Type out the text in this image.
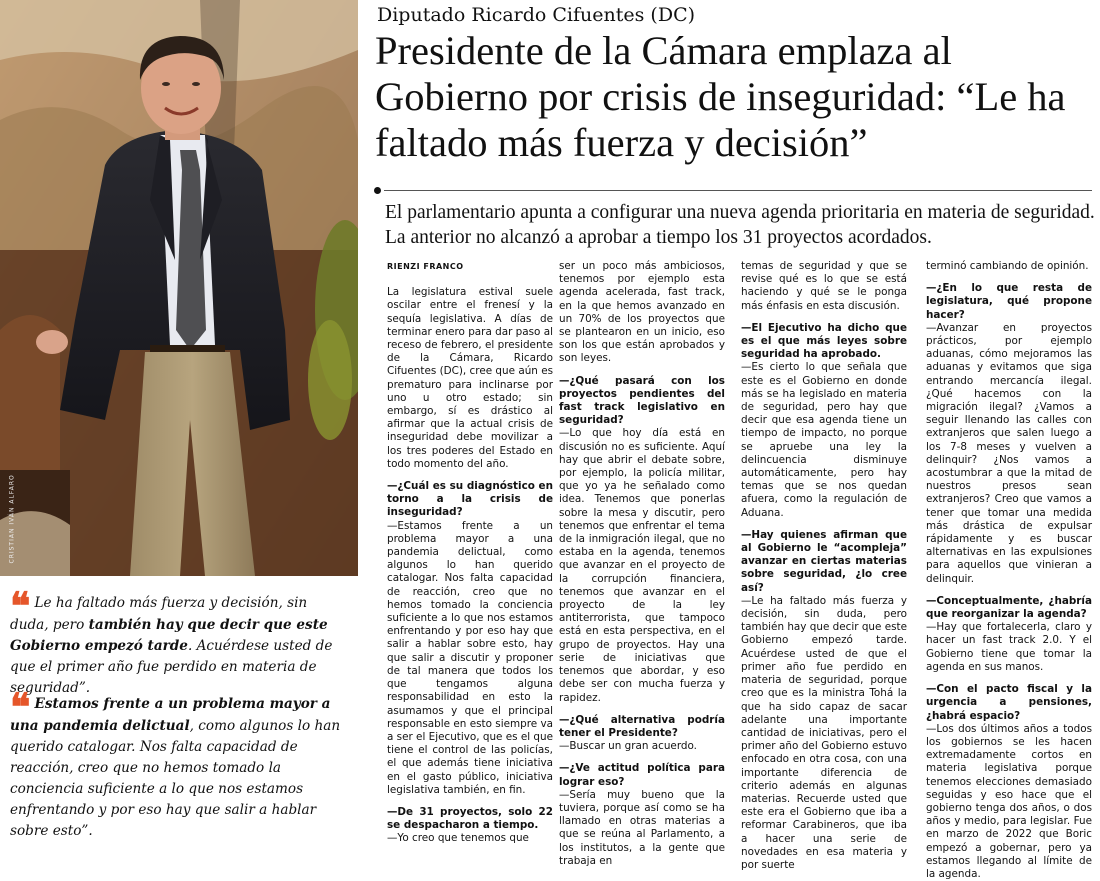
CRISTIAN IVÁN ALFARO
❝ Le ha faltado más fuerza y decisión, sin duda, pero también hay que decir que este Gobierno empezó tarde. Acuérdese usted de que el primer año fue perdido en materia de seguridad”.
❝ Estamos frente a un problema mayor a una pandemia delictual, como algunos lo han querido catalogar. Nos falta capacidad de reacción, creo que no hemos tomado la conciencia suficiente a lo que nos estamos enfrentando y por eso hay que salir a hablar sobre esto”.
Diputado Ricardo Cifuentes (DC)
Presidente de la Cámara emplaza al Gobierno por crisis de inseguridad: “Le ha faltado más fuerza y decisión”
El parlamentario apunta a configurar una nueva agenda prioritaria en materia de seguridad. La anterior no alcanzó a aprobar a tiempo los 31 proyectos acordados.

RIENZI FRANCO

La legislatura estival suele oscilar entre el frenesí y la sequía legislativa. A días de terminar enero para dar paso al receso de febrero, el presidente de la Cámara, Ricardo Cifuentes (DC), cree que aún es prematuro para inclinarse por uno u otro estado; sin embargo, sí es drástico al afirmar que la actual crisis de inseguridad debe movilizar a los tres poderes del Estado en todo momento del año.

—¿Cuál es su diagnóstico en torno a la crisis de inseguridad?

—Estamos frente a un problema mayor a una pandemia delictual, como algunos lo han querido catalogar. Nos falta capacidad de reacción, creo que no hemos tomado la conciencia suficiente a lo que nos estamos enfrentando y por eso hay que salir a hablar sobre esto, hay que salir a discutir y proponer de tal manera que todos los que tengamos alguna responsabilidad en esto la asumamos y que el principal responsable en esto siempre va a ser el Ejecutivo, que es el que tiene el control de las policías, el que además tiene iniciativa en el gasto público, iniciativa legislativa también, en fin.

—De 31 proyectos, solo 22 se despacharon a tiempo.

—Yo creo que tenemos que

ser un poco más ambiciosos, tenemos por ejemplo esta agenda acelerada, fast track, en la que hemos avanzado en un 70% de los proyectos que se plantearon en un inicio, eso son los que están aprobados y son leyes.

—¿Qué pasará con los proyectos pendientes del fast track legislativo en seguridad?

—Lo que hoy día está en discusión no es suficiente. Aquí hay que abrir el debate sobre, por ejemplo, la policía militar, que yo ya he señalado como idea. Tenemos que ponerlas sobre la mesa y discutir, pero tenemos que enfrentar el tema de la inmigración ilegal, que no estaba en la agenda, tenemos que avanzar en el proyecto de la corrupción financiera, tenemos que avanzar en el proyecto de la ley antiterrorista, que tampoco está en esta perspectiva, en el grupo de proyectos. Hay una serie de iniciativas que tenemos que abordar, y eso debe ser con mucha fuerza y rapidez.

—¿Qué alternativa podría tener el Presidente?

—Buscar un gran acuerdo.

—¿Ve actitud política para lograr eso?

—Sería muy bueno que la tuviera, porque así como se ha llamado en otras materias a que se reúna al Parlamento, a los institutos, a la gente que trabaja en

temas de seguridad y que se revise qué es lo que se está haciendo y qué se le ponga más énfasis en esta discusión.

—El Ejecutivo ha dicho que es el que más leyes sobre seguridad ha aprobado.

—Es cierto lo que señala que este es el Gobierno en donde más se ha legislado en materia de seguridad, pero hay que decir que esa agenda tiene un tiempo de impacto, no porque se apruebe una ley la delincuencia disminuye automáticamente, pero hay temas que se nos quedan afuera, como la regulación de Aduana.

—Hay quienes afirman que al Gobierno le “acompleja” avanzar en ciertas materias sobre seguridad, ¿lo cree así?

—Le ha faltado más fuerza y decisión, sin duda, pero también hay que decir que este Gobierno empezó tarde. Acuérdese usted de que el primer año fue perdido en materia de seguridad, porque creo que es la ministra Tohá la que ha sido capaz de sacar adelante una importante cantidad de iniciativas, pero el primer año del Gobierno estuvo enfocado en otra cosa, con una importante diferencia de criterio además en algunas materias. Recuerde usted que este era el Gobierno que iba a reformar Carabineros, que iba a hacer una serie de novedades en esa materia y por suerte

terminó cambiando de opinión.

—¿En lo que resta de legislatura, qué propone hacer?

—Avanzar en proyectos prácticos, por ejemplo aduanas, cómo mejoramos las aduanas y evitamos que siga entrando mercancía ilegal. ¿Qué hacemos con la migración ilegal? ¿Vamos a seguir llenando las calles con extranjeros que salen luego a los 7-8 meses y vuelven a delinquir? ¿Nos vamos a acostumbrar a que la mitad de nuestros presos sean extranjeros? Creo que vamos a tener que tomar una medida más drástica de expulsar rápidamente y es buscar alternativas en las expulsiones para aquellos que vinieran a delinquir.

—Conceptualmente, ¿habría que reorganizar la agenda?

—Hay que fortalecerla, claro y hacer un fast track 2.0. Y el Gobierno tiene que tomar la agenda en sus manos.

—Con el pacto fiscal y la urgencia a pensiones, ¿habrá espacio?

—Los dos últimos años a todos los gobiernos se les hacen extremadamente cortos en materia legislativa porque tenemos elecciones demasiado seguidas y eso hace que el gobierno tenga dos años, o dos años y medio, para legislar. Fue en marzo de 2022 que Boric empezó a gobernar, pero ya estamos llegando al límite de la agenda.
